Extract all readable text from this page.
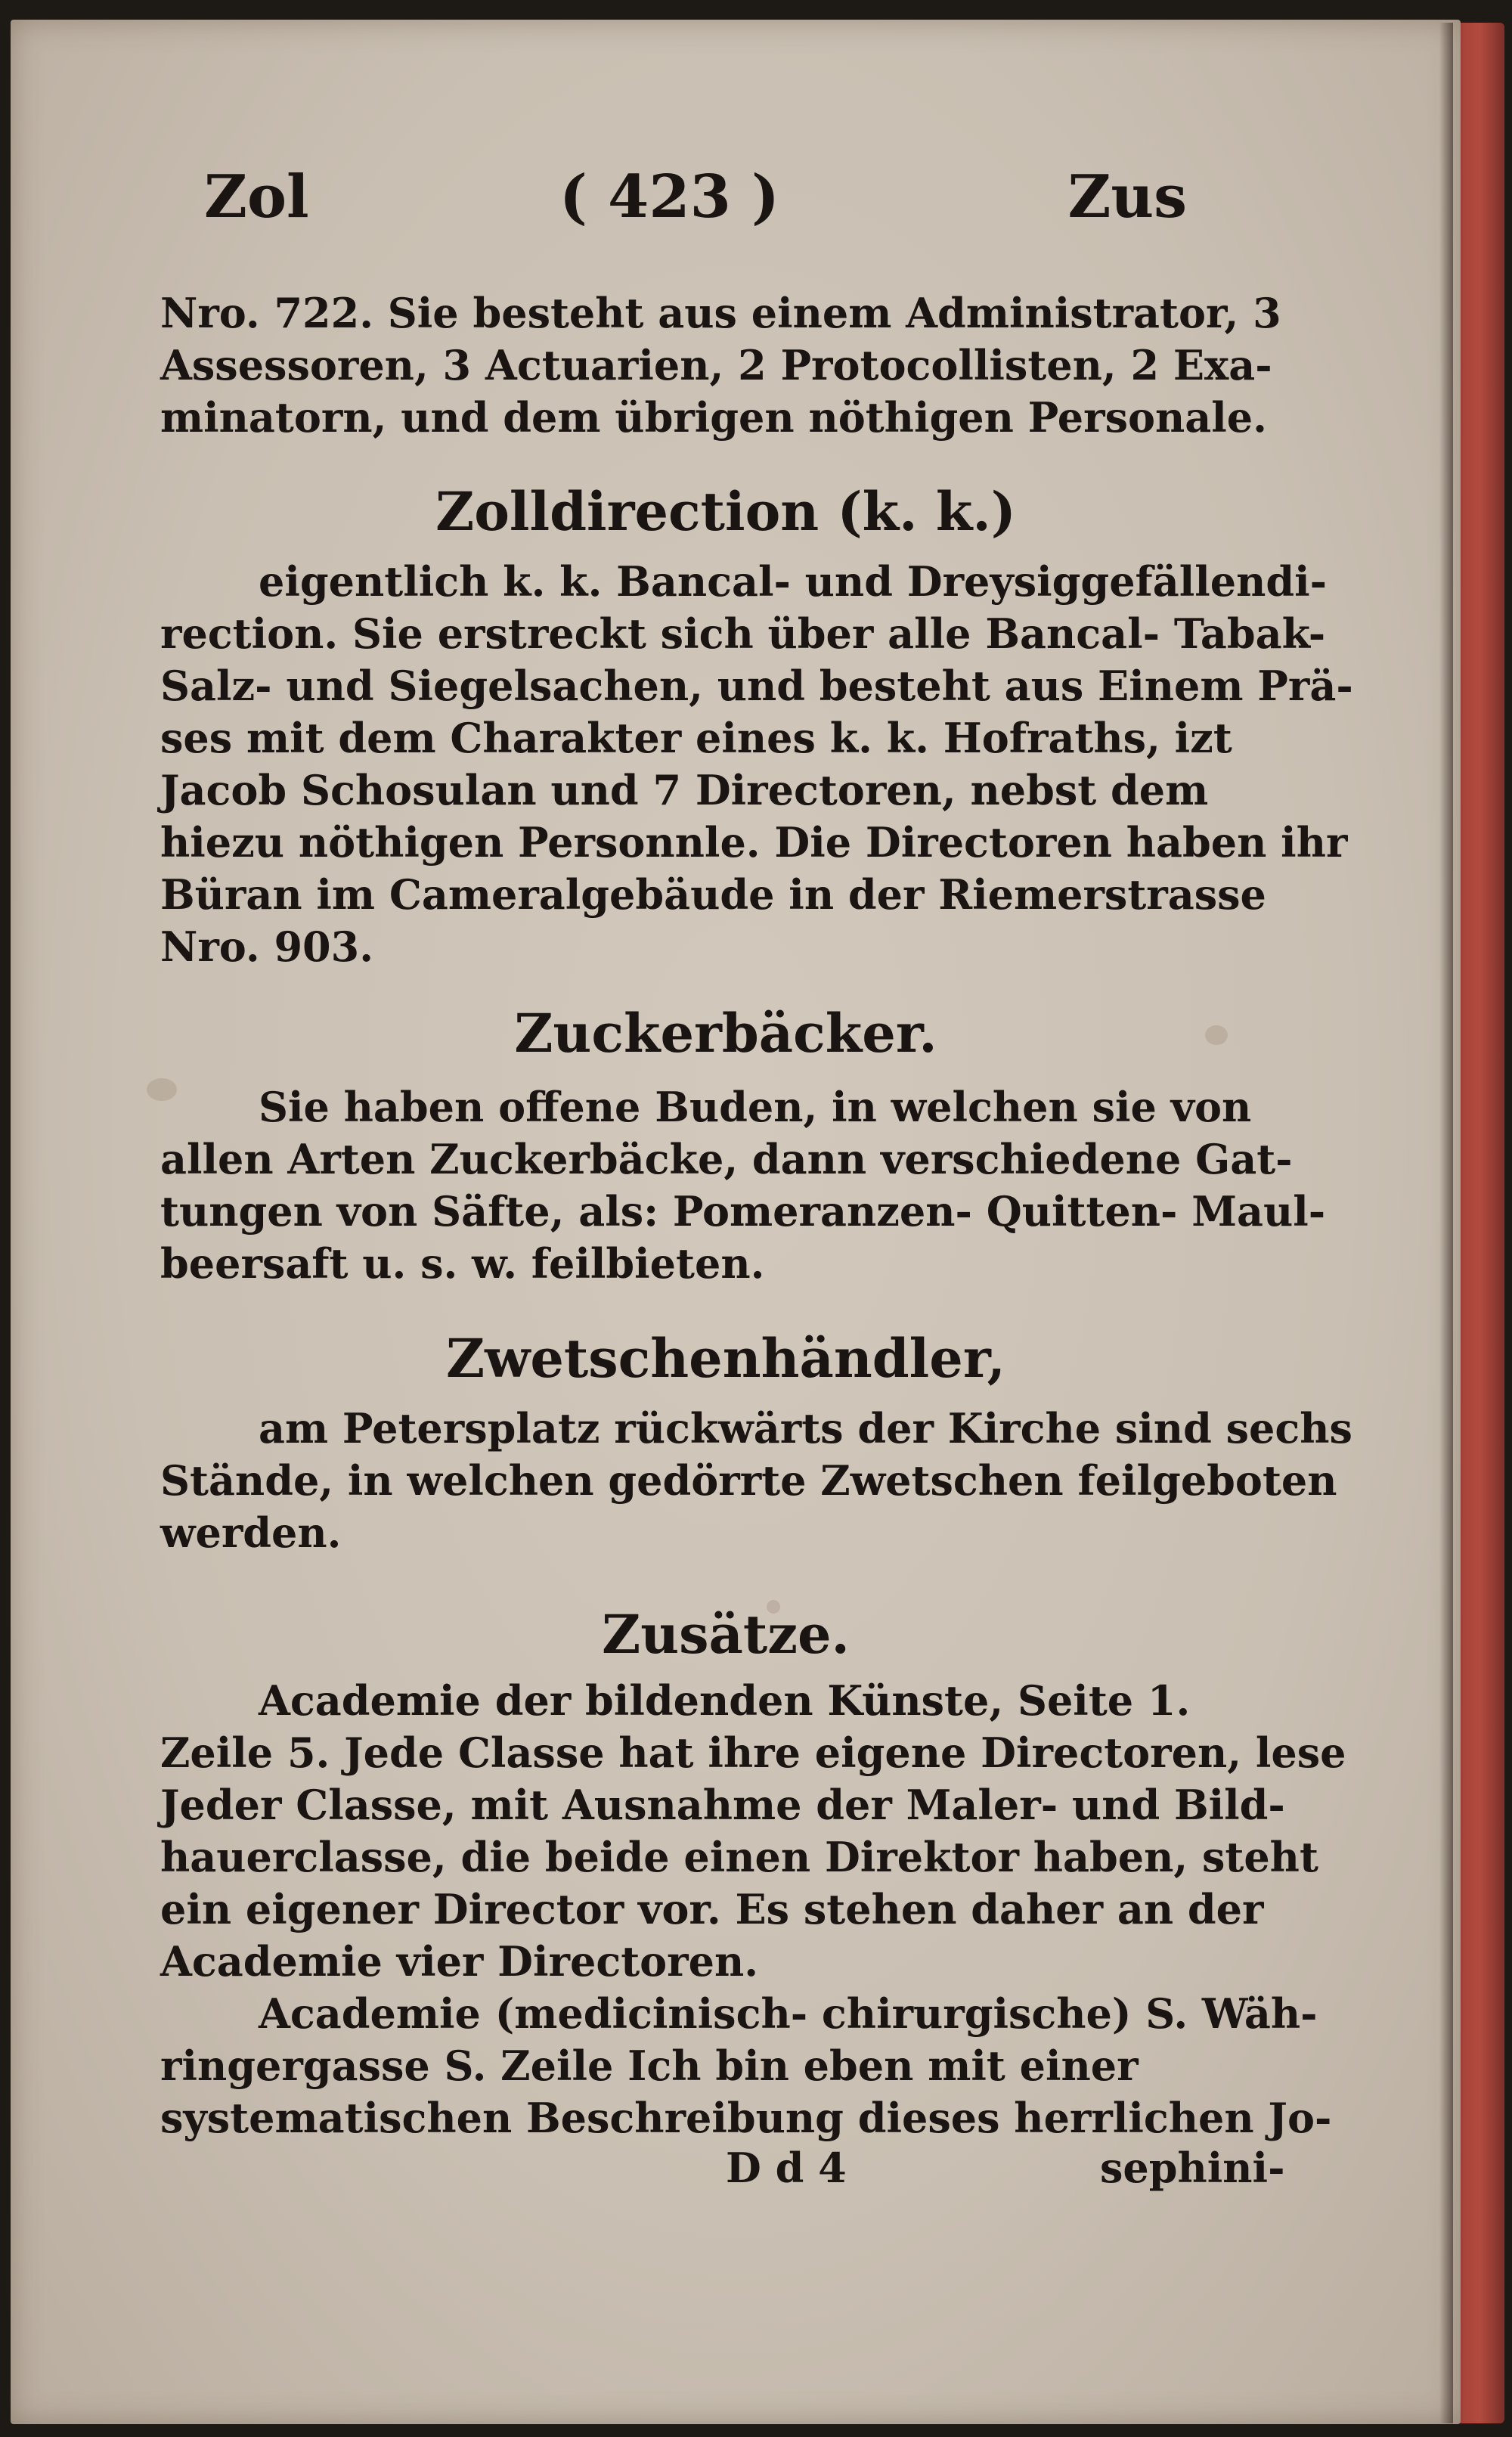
Zol	( 423 )	Zus
Nro. 722. Sie besteht aus einem Administrator, 3
Assessoren, 3 Actuarien, 2 Protocollisten, 2 Exa-
minatorn, und dem übrigen nöthigen Personale.
Zolldirection (k. k.)
eigentlich k. k. Bancal- und Dreysiggefällendi-
rection. Sie erstreckt sich über alle Bancal- Tabak-
Salz- und Siegelsachen, und besteht aus Einem Prä-
ses mit dem Charakter eines k. k. Hofraths, izt
Jacob Schosulan und 7 Directoren, nebst dem
hiezu nöthigen Personnle. Die Directoren haben ihr
Büran im Cameralgebäude in der Riemerstrasse
Nro. 903.
Zuckerbäcker.
Sie haben offene Buden, in welchen sie von
allen Arten Zuckerbäcke, dann verschiedene Gat-
tungen von Säfte, als: Pomeranzen- Quitten- Maul-
beersaft u. s. w. feilbieten.
Zwetschenhändler,
am Petersplatz rückwärts der Kirche sind sechs
Stände, in welchen gedörrte Zwetschen feilgeboten
werden.
Zusätze.
Academie der bildenden Künste, Seite 1.
Zeile 5. Jede Classe hat ihre eigene Directoren, lese
Jeder Classe, mit Ausnahme der Maler- und Bild-
hauerclasse, die beide einen Direktor haben, steht
ein eigener Director vor. Es stehen daher an der
Academie vier Directoren.
Academie (medicinisch- chirurgische) S. Wäh-
ringergasse S. Zeile Ich bin eben mit einer
systematischen Beschreibung dieses herrlichen Jo-
D d 4	sephini-
